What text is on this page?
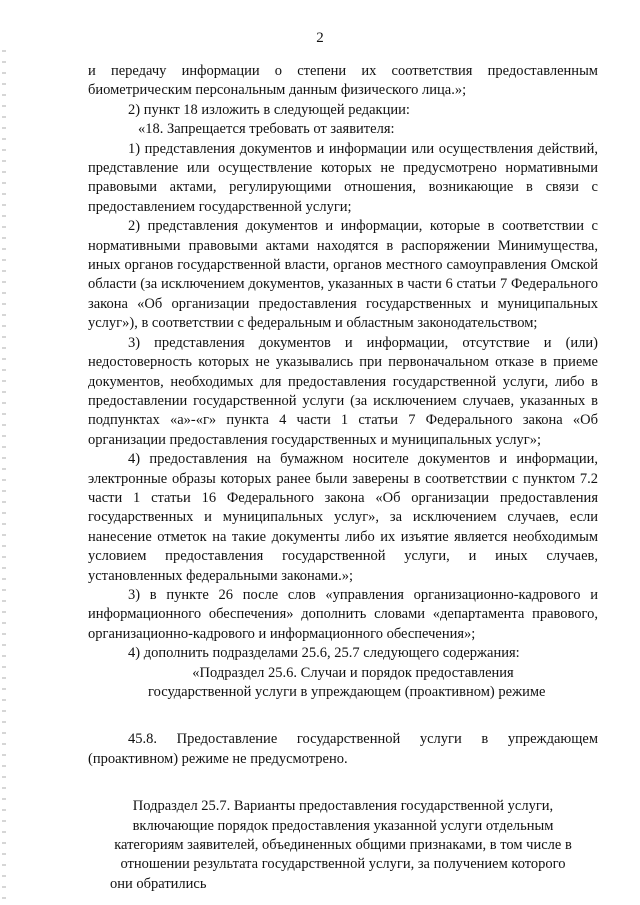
2

и передачу информации о степени их соответствия предоставленным биометрическим персональным данным физического лица.»;

2) пункт 18 изложить в следующей редакции:

«18. Запрещается требовать от заявителя:

1) представления документов и информации или осуществления действий, представление или осуществление которых не предусмотрено нормативными правовыми актами, регулирующими отношения, возникающие в связи с предоставлением государственной услуги;

2) представления документов и информации, которые в соответствии с нормативными правовыми актами находятся в распоряжении Минимущества, иных органов государственной власти, органов местного самоуправления Омской области (за исключением документов, указанных в части 6 статьи 7 Федерального закона «Об организации предоставления государственных и муниципальных услуг»), в соответствии с федеральным и областным законодательством;

3) представления документов и информации, отсутствие и (или) недостоверность которых не указывались при первоначальном отказе в приеме документов, необходимых для предоставления государственной услуги, либо в предоставлении государственной услуги (за исключением случаев, указанных в подпунктах «а»-«г» пункта 4 части 1 статьи 7 Федерального закона «Об организации предоставления государственных и муниципальных услуг»;

4) предоставления на бумажном носителе документов и информации, электронные образы которых ранее были заверены в соответствии с пунктом 7.2 части 1 статьи 16 Федерального закона «Об организации предоставления государственных и муниципальных услуг», за исключением случаев, если нанесение отметок на такие документы либо их изъятие является необходимым условием предоставления государственной услуги, и иных случаев, установленных федеральными законами.»;

3) в пункте 26 после слов «управления организационно-кадрового и информационного обеспечения» дополнить словами «департамента правового, организационно-кадрового и информационного обеспечения»;

4) дополнить подразделами 25.6, 25.7 следующего содержания:

«Подраздел 25.6. Случаи и порядок предоставления государственной услуги в упреждающем (проактивном) режиме

45.8. Предоставление государственной услуги в упреждающем (проактивном) режиме не предусмотрено.

Подраздел 25.7. Варианты предоставления государственной услуги, включающие порядок предоставления указанной услуги отдельным категориям заявителей, объединенных общими признаками, в том числе в отношении результата государственной услуги, за получением которого они обратились
